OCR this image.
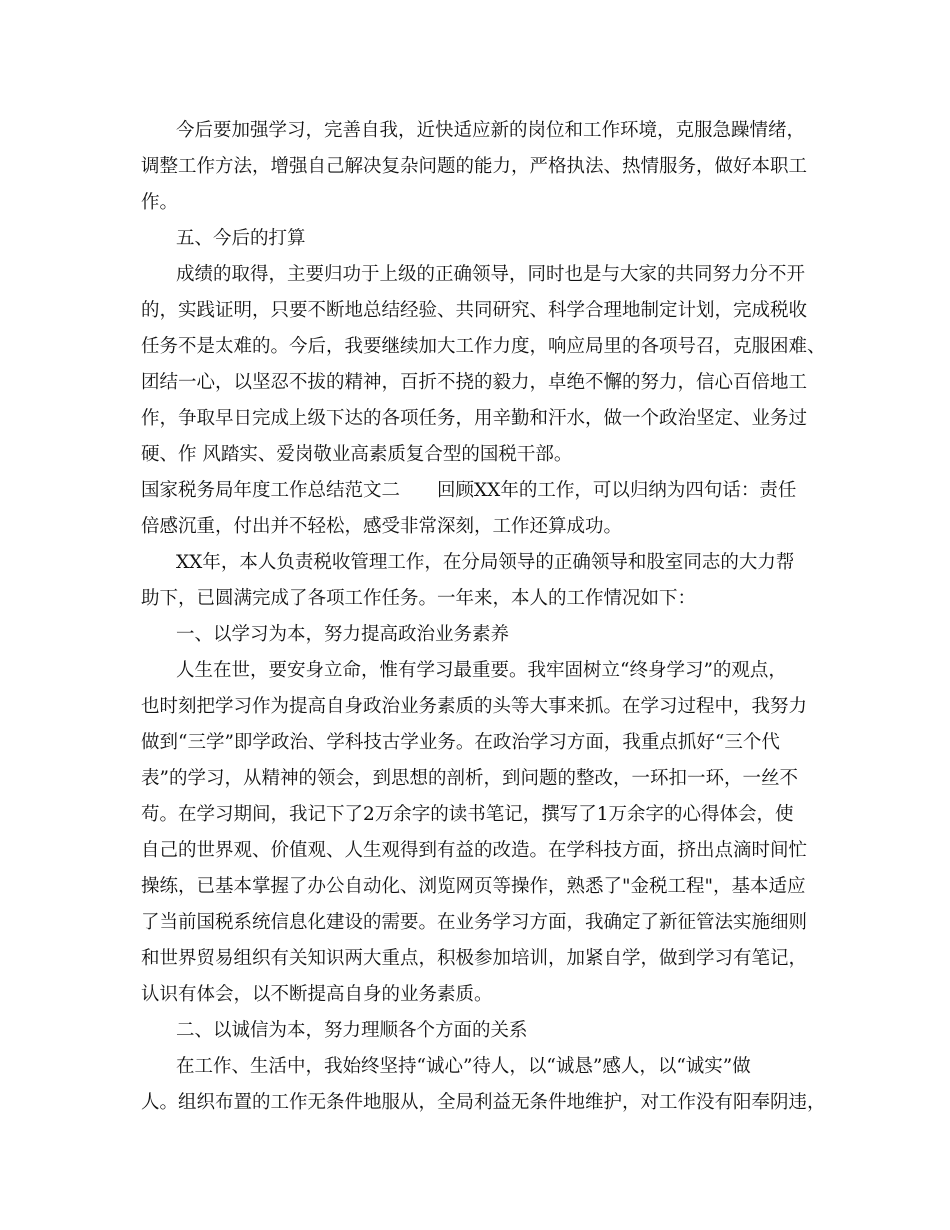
今后要加强学习，完善自我，近快适应新的岗位和工作环境，克服急躁情绪，
调整工作方法，增强自己解决复杂问题的能力，严格执法、热情服务，做好本职工
作。
五、今后的打算
成绩的取得，主要归功于上级的正确领导，同时也是与大家的共同努力分不开
的，实践证明，只要不断地总结经验、共同研究、科学合理地制定计划，完成税收
任务不是太难的。今后，我要继续加大工作力度，响应局里的各项号召，克服困难、
团结一心，以坚忍不拔的精神，百折不挠的毅力，卓绝不懈的努力，信心百倍地工
作，争取早日完成上级下达的各项任务，用辛勤和汗水，做一个政治坚定、业务过
硬、作 风踏实、爱岗敬业高素质复合型的国税干部。
国家税务局年度工作总结范文二　　回顾XX年的工作，可以归纳为四句话：责任
倍感沉重，付出并不轻松，感受非常深刻，工作还算成功。
XX年，本人负责税收管理工作，在分局领导的正确领导和股室同志的大力帮
助下，已圆满完成了各项工作任务。一年来，本人的工作情况如下：
一、以学习为本，努力提高政治业务素养
人生在世，要安身立命，惟有学习最重要。我牢固树立“终身学习”的观点，
也时刻把学习作为提高自身政治业务素质的头等大事来抓。在学习过程中，我努力
做到“三学”即学政治、学科技古学业务。在政治学习方面，我重点抓好“三个代
表”的学习，从精神的领会，到思想的剖析，到问题的整改，一环扣一环，一丝不
苟。在学习期间，我记下了2万余字的读书笔记，撰写了1万余字的心得体会，使
自己的世界观、价值观、人生观得到有益的改造。在学科技方面，挤出点滴时间忙
操练，已基本掌握了办公自动化、浏览网页等操作，熟悉了"金税工程"，基本适应
了当前国税系统信息化建设的需要。在业务学习方面，我确定了新征管法实施细则
和世界贸易组织有关知识两大重点，积极参加培训，加紧自学，做到学习有笔记，
认识有体会，以不断提高自身的业务素质。
二、以诚信为本，努力理顺各个方面的关系
在工作、生活中，我始终坚持“诚心”待人，以“诚恳”感人，以“诚实”做
人。组织布置的工作无条件地服从，全局利益无条件地维护，对工作没有阳奉阴违，
